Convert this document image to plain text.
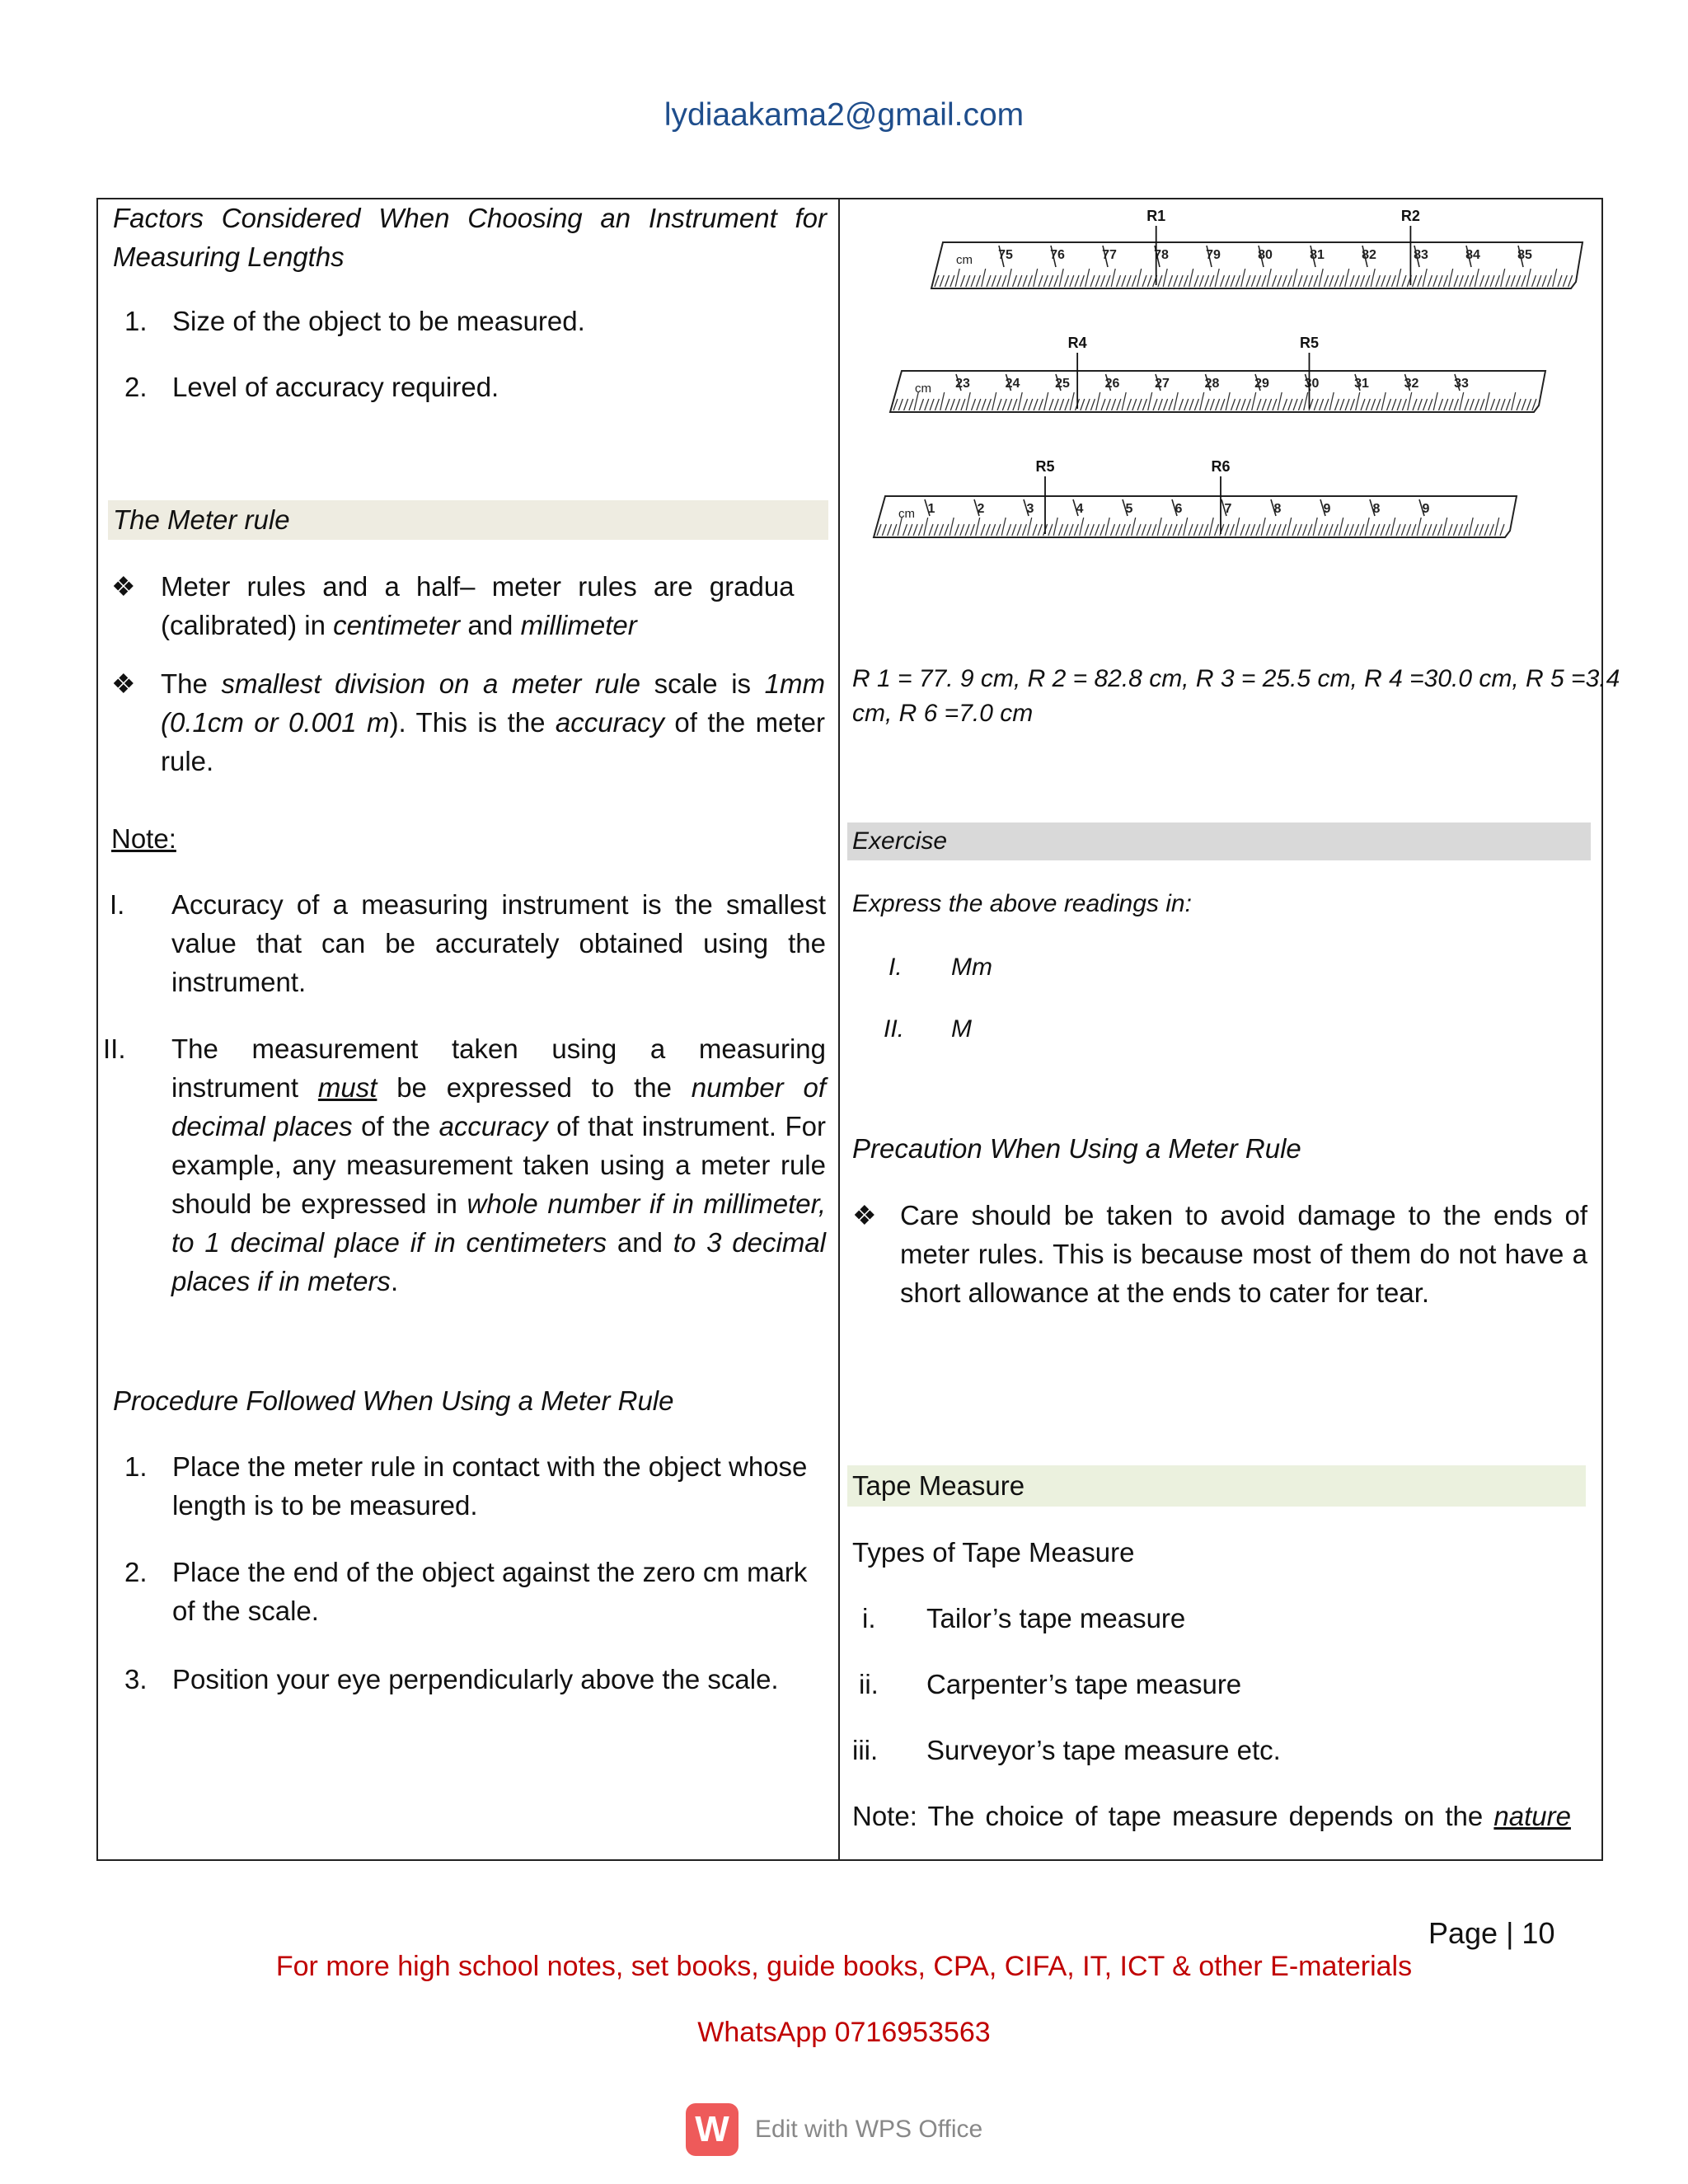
lydiaakama2@gmail.com
Factors Considered When Choosing an Instrument for Measuring Lengths
1. Size of the object to be measured.
2. Level of accuracy required.
The Meter rule
❖ Meter rules and a half– meter rules are gradua
(calibrated) in centimeter and millimeter
❖ The smallest division on a meter rule scale is 1mm (0.1cm or 0.001 m). This is the accuracy of the meter rule.
Note:
I. Accuracy of a measuring instrument is the smallest value that can be accurately obtained using the instrument.
II. The measurement taken using a measuring instrument must be expressed to the number of decimal places of the accuracy of that instrument. For example, any measurement taken using a meter rule should be expressed in whole number if in millimeter, to 1 decimal place if in centimeters and to 3 decimal places if in meters.
Procedure Followed When Using a Meter Rule
1. Place the meter rule in contact with the object whose length is to be measured.
2. Place the end of the object against the zero cm mark of the scale.
3. Position your eye perpendicularly above the scale.
cm 75	76	77	78	79	80	81	82	83	84	85
R1	R2
cm 23	24	25	26	27	28	29	30	31	32	33
R4	R5
cm 1	2	3	4	5	6	7	8	9	8	9
R5	R6
R 1 = 77. 9 cm, R 2 = 82.8 cm, R 3 = 25.5 cm, R 4 =30.0 cm, R 5 =3.4
cm, R 6 =7.0 cm
Exercise
Express the above readings in:
I. Mm
II. M
Precaution When Using a Meter Rule
❖ Care should be taken to avoid damage to the ends of meter rules. This is because most of them do not have a short allowance at the ends to cater for tear.
Tape Measure
Types of Tape Measure
i. Tailor’s tape measure
ii. Carpenter’s tape measure
iii. Surveyor’s tape measure etc.
Note: The choice of tape measure depends on the nature
Page | 10
For more high school notes, set books, guide books, CPA, CIFA, IT, ICT & other E-materials
WhatsApp 0716953563
W	Edit with WPS Office
